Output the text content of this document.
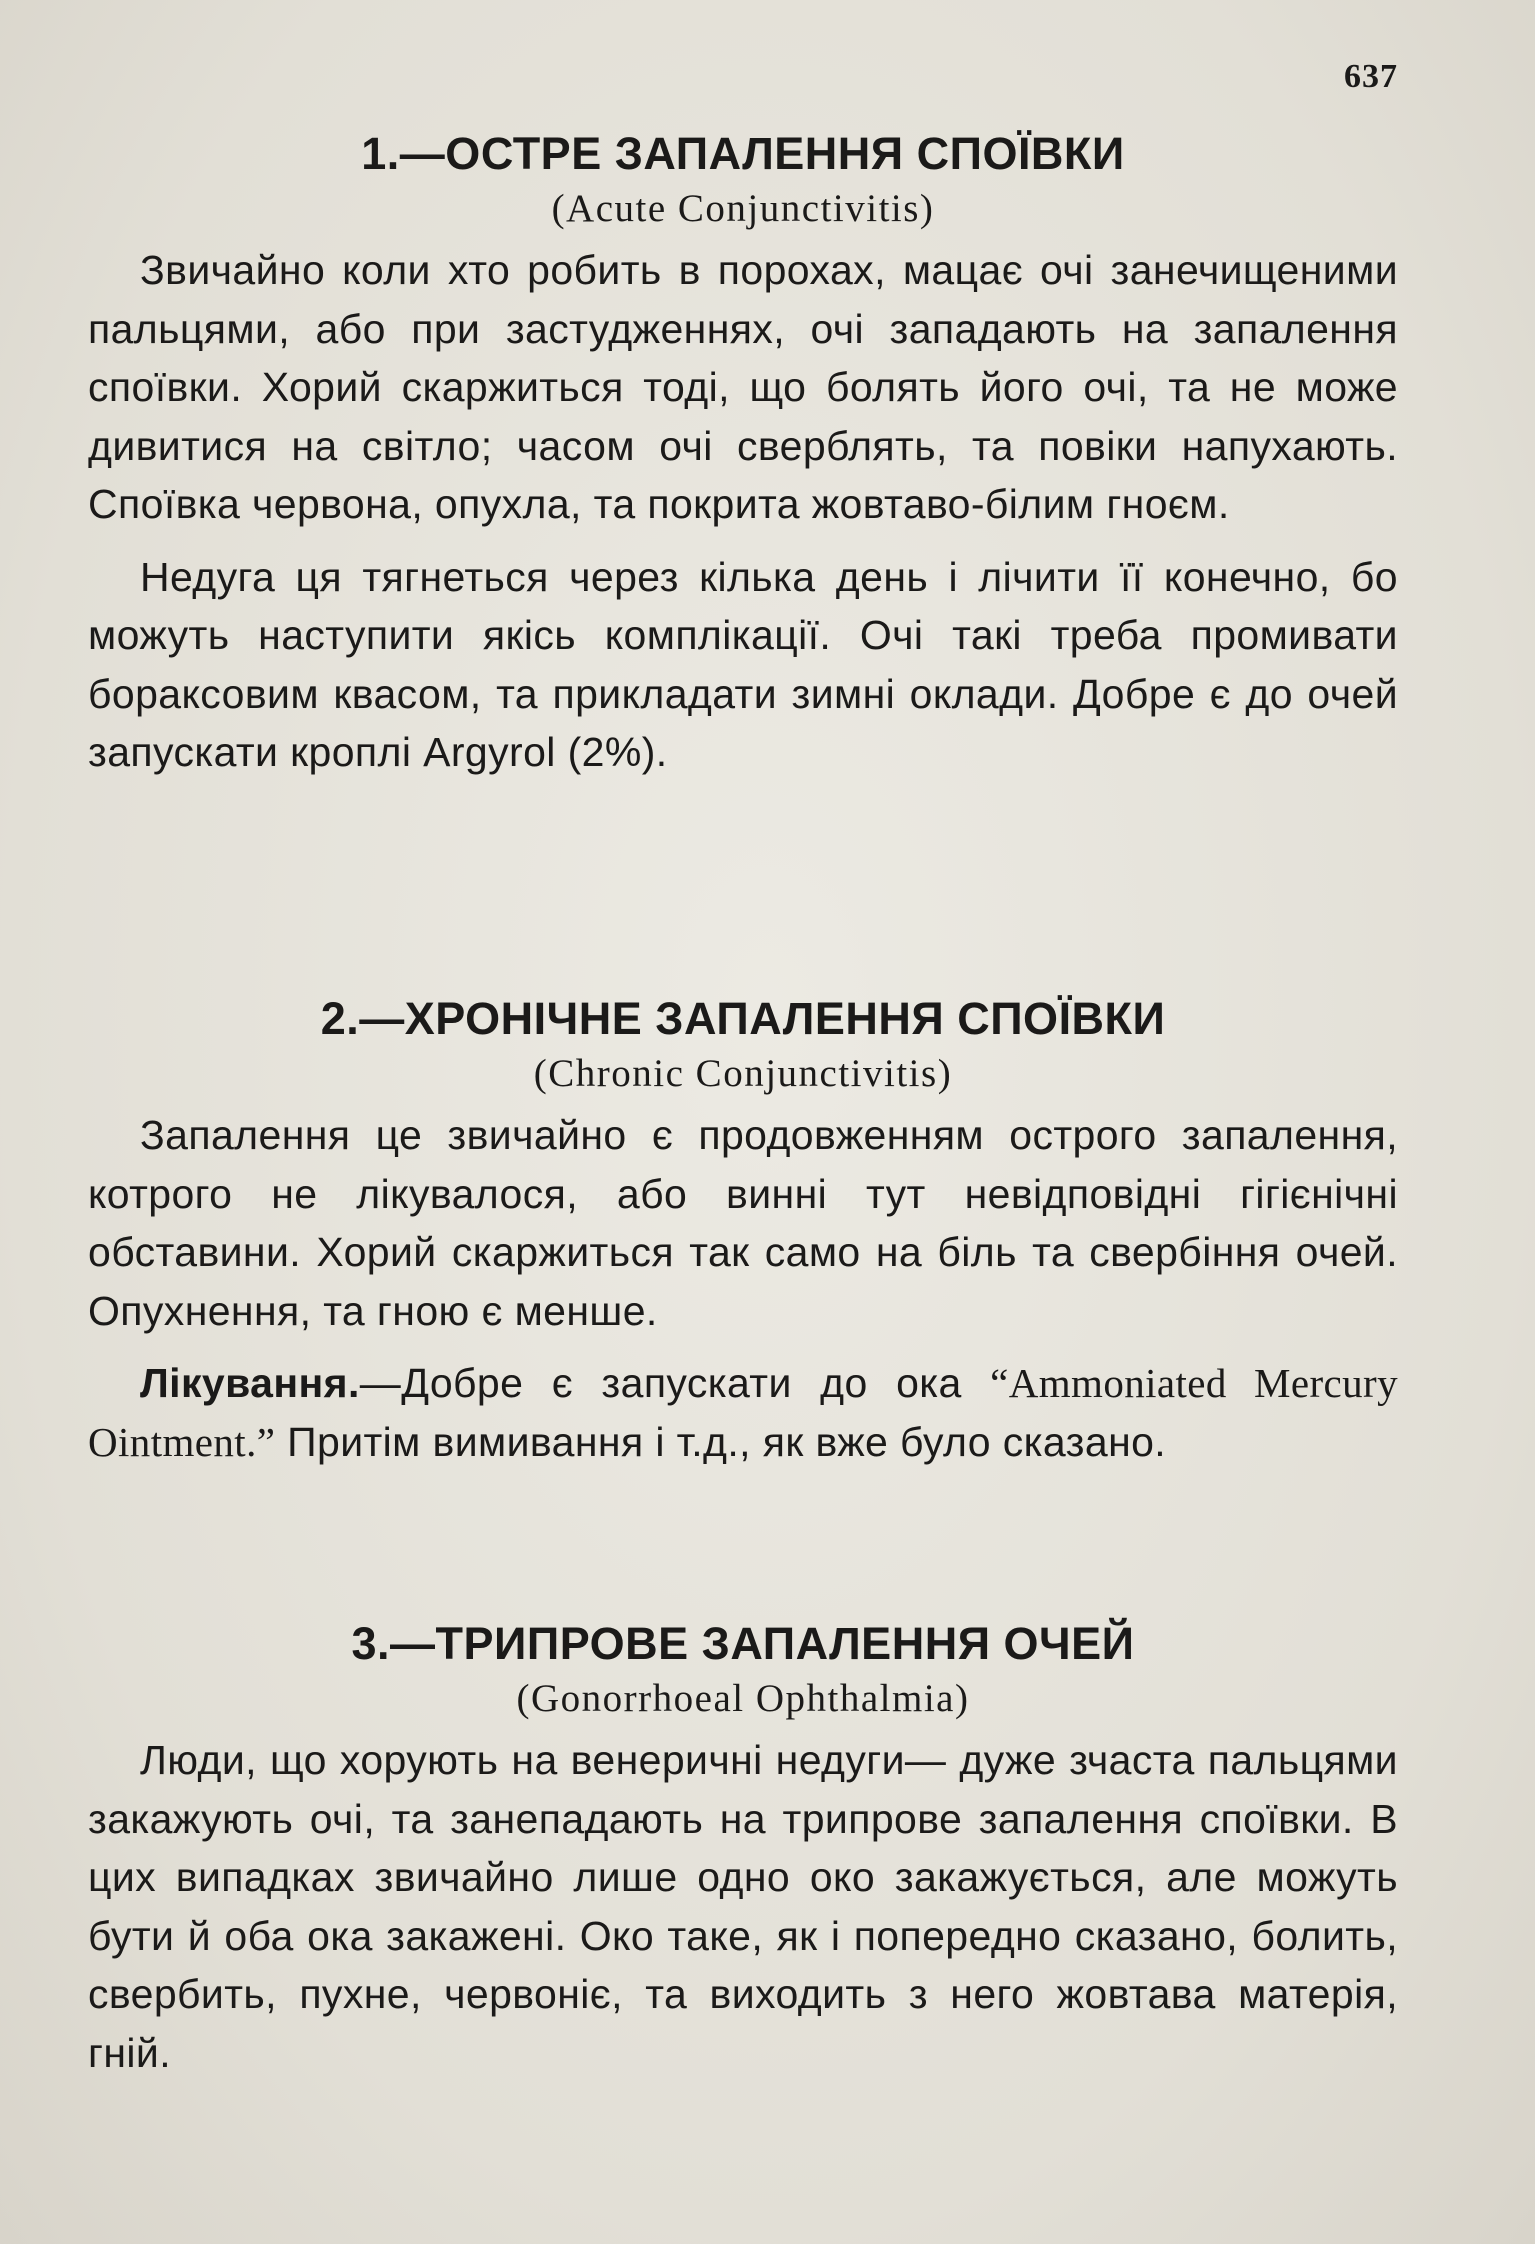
637
1.—ОСТРЕ ЗАПАЛЕННЯ СПОЇВКИ
(Acute Conjunctivitis)

Звичайно коли хто робить в порохах, мацає очі занечищеними пальцями, або при застудженнях, очі западають на запалення споївки. Хорий скаржиться тоді, що болять його очі, та не може дивитися на світло; часом очі сверблять, та повіки напухають. Споївка червона, опухла, та покрита жовтаво-білим гноєм.

Недуга ця тягнеться через кілька день і лічити її конечно, бо можуть наступити якісь комплікації. Очі такі треба промивати бораксовим квасом, та прикладати зимні оклади. Добре є до очей запускати кроплі Argyrol (2%).

2.—ХРОНІЧНЕ ЗАПАЛЕННЯ СПОЇВКИ
(Chronic Conjunctivitis)

Запалення це звичайно є продовженням острого запалення, котрого не лікувалося, або винні тут невідповідні гігієнічні обставини. Хорий скаржиться так само на біль та свербіння очей. Опухнення, та гною є менше.

Лікування.—Добре є запускати до ока “Ammoniated Mercury Ointment.” Притім вимивання і т.д., як вже було сказано.

3.—ТРИПРОВЕ ЗАПАЛЕННЯ ОЧЕЙ
(Gonorrhoeal Ophthalmia)

Люди, що хорують на венеричні недуги— дуже зчаста пальцями закажують очі, та занепадають на трипрове запалення споївки. В цих випадках звичайно лише одно око закажується, але можуть бути й оба ока закажені. Око таке, як і попередно сказано, болить, свербить, пухне, червоніє, та виходить з него жовтава матерія, гній.
